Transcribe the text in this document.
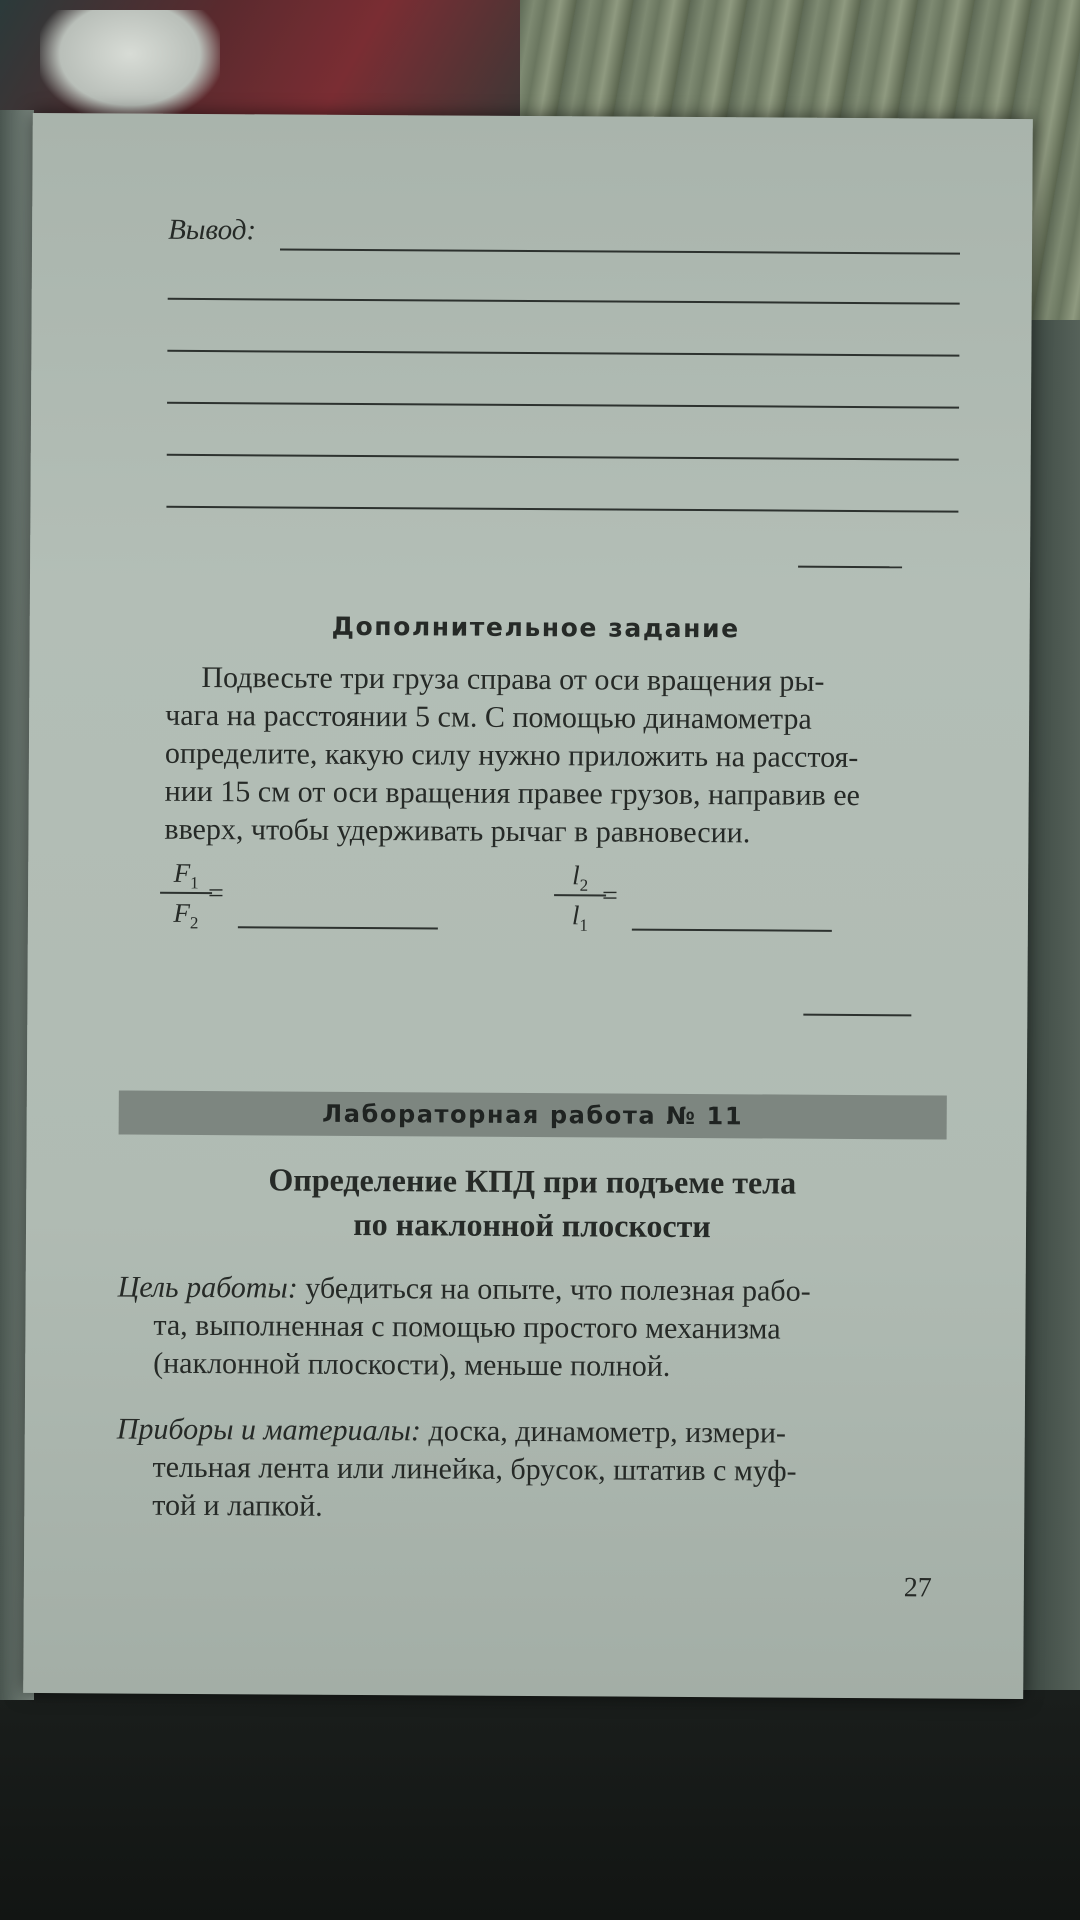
Вывод:
Дополнительное задание
Подвесьте три груза справа от оси вращения ры-
чага на расстоянии 5 см. С помощью динамометра
определите, какую силу нужно приложить на расстоя-
нии 15 см от оси вращения правее грузов, направив ее
вверх, чтобы удерживать рычаг в равновесии.
$F_1$
$F_2$
=
$l_2$
$l_1$
=
Лабораторная работа № 11
Определение КПД при подъеме тела
по наклонной плоскости
Цель работы: убедиться на опыте, что полезная рабо-
та, выполненная с помощью простого механизма
(наклонной плоскости), меньше полной.
Приборы и материалы: доска, динамометр, измери-
тельная лента или линейка, брусок, штатив с муф-
той и лапкой.
27
